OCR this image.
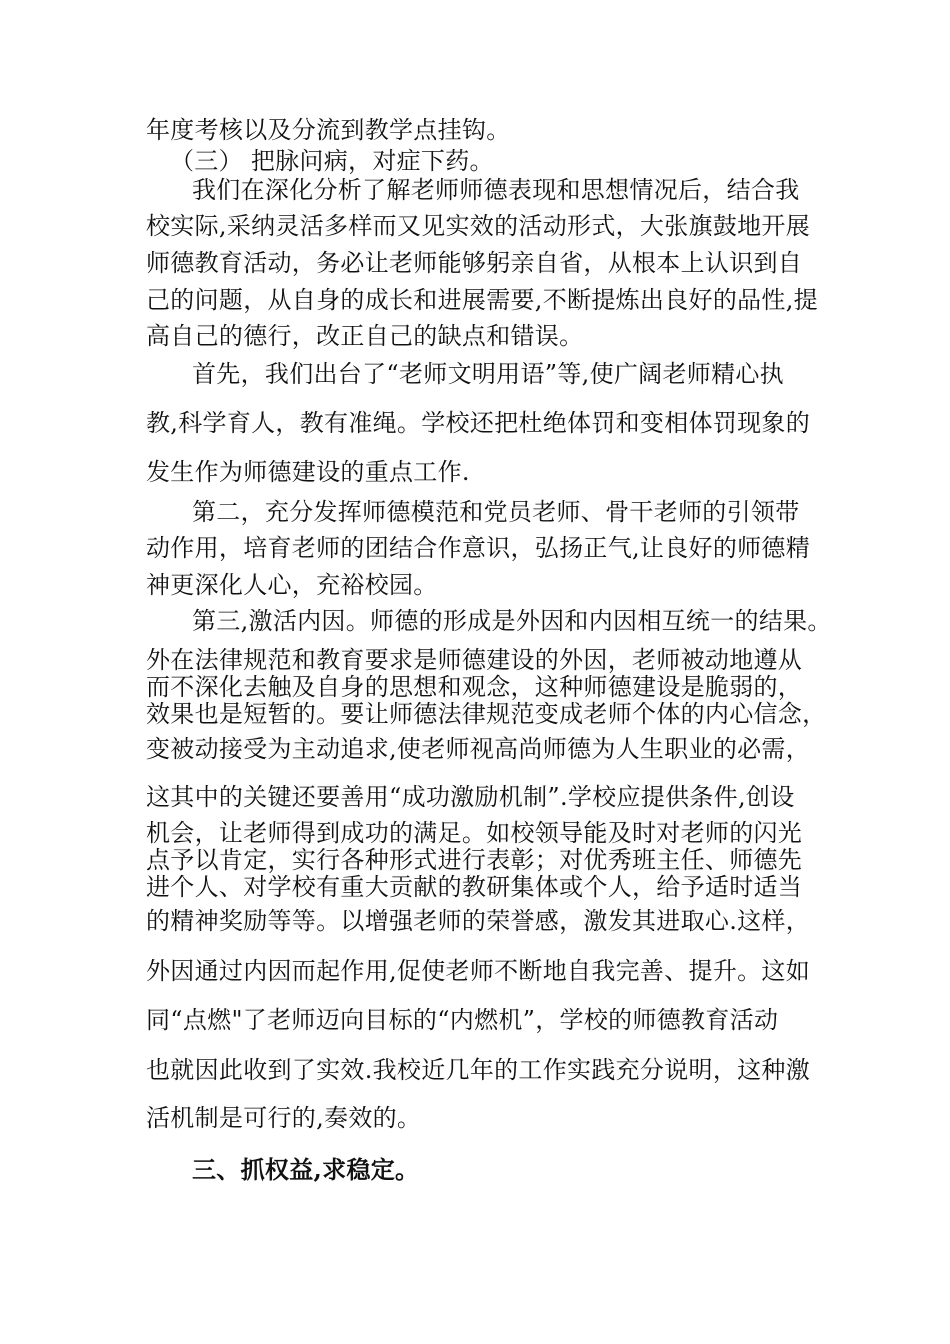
年度考核以及分流到教学点挂钩。
（三） 把脉问病，对症下药。
我们在深化分析了解老师师德表现和思想情况后，结合我
校实际,采纳灵活多样而又见实效的活动形式，大张旗鼓地开展
师德教育活动，务必让老师能够躬亲自省，从根本上认识到自
己的问题，从自身的成长和进展需要,不断提炼出良好的品性,提
高自己的德行，改正自己的缺点和错误。
首先，我们出台了“老师文明用语”等,使广阔老师精心执
教,科学育人，教有准绳。学校还把杜绝体罚和变相体罚现象的
发生作为师德建设的重点工作.
第二，充分发挥师德模范和党员老师、骨干老师的引领带
动作用，培育老师的团结合作意识，弘扬正气,让良好的师德精
神更深化人心，充裕校园。
第三,激活内因。师德的形成是外因和内因相互统一的结果。
外在法律规范和教育要求是师德建设的外因，老师被动地遵从
而不深化去触及自身的思想和观念，这种师德建设是脆弱的，
效果也是短暂的。要让师德法律规范变成老师个体的内心信念，
变被动接受为主动追求,使老师视高尚师德为人生职业的必需，
这其中的关键还要善用“成功激励机制”.学校应提供条件,创设
机会，让老师得到成功的满足。如校领导能及时对老师的闪光
点予以肯定，实行各种形式进行表彰；对优秀班主任、师德先
进个人、对学校有重大贡献的教研集体或个人，给予适时适当
的精神奖励等等。以增强老师的荣誉感，激发其进取心.这样，
外因通过内因而起作用,促使老师不断地自我完善、提升。这如
同“点燃"了老师迈向目标的“内燃机”，学校的师德教育活动
也就因此收到了实效.我校近几年的工作实践充分说明，这种激
活机制是可行的,奏效的。
三、抓权益,求稳定。
